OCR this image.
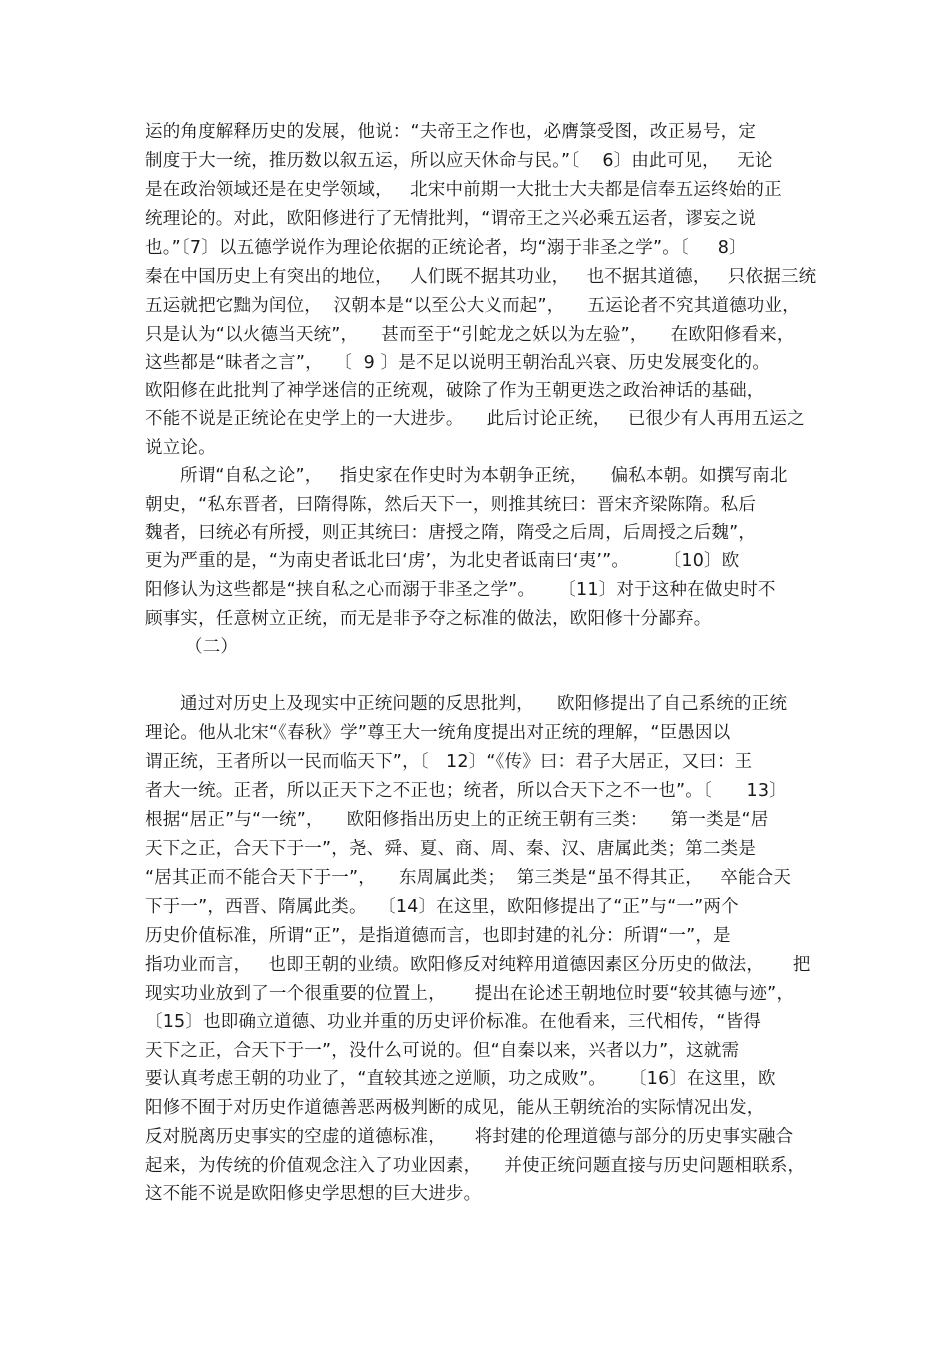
运的角度解释历史的发展，他说：“夫帝王之作也，必膺箓受图，改正易号，定
制度于大一统，推历数以叙五运，所以应天休命与民。”〔    6〕由此可见，   无论
是在政治领域还是在史学领域，   北宋中前期一大批士大夫都是信奉五运终始的正
统理论的。对此，欧阳修进行了无情批判，“谓帝王之兴必乘五运者，谬妄之说
也。”〔7〕以五德学说作为理论依据的正统论者，均“溺于非圣之学”。〔     8〕
秦在中国历史上有突出的地位，   人们既不据其功业，   也不据其道德，   只依据三统
五运就把它黜为闰位，  汉朝本是“以至公大义而起”，    五运论者不究其道德功业，
只是认为“以火德当天统”，    甚而至于“引蛇龙之妖以为左验”，    在欧阳修看来，
这些都是“昧者之言”，  〔  9 〕是不足以说明王朝治乱兴衰、历史发展变化的。
欧阳修在此批判了神学迷信的正统观，破除了作为王朝更迭之政治神话的基础，
不能不说是正统论在史学上的一大进步。    此后讨论正统，   已很少有人再用五运之
说立论。
所谓“自私之论”，   指史家在作史时为本朝争正统，    偏私本朝。如撰写南北
朝史，“私东晋者，曰隋得陈，然后天下一，则推其统曰：晋宋齐梁陈隋。私后
魏者，曰统必有所授，则正其统曰：唐授之隋，隋受之后周，后周授之后魏”，
更为严重的是，“为南史者诋北曰‘虏’，为北史者诋南曰‘夷’”。      〔10〕欧
阳修认为这些都是“挟自私之心而溺于非圣之学”。    〔11〕对于这种在做史时不
顾事实，任意树立正统，而无是非予夺之标准的做法，欧阳修十分鄙弃。
（二）
通过对历史上及现实中正统问题的反思批判，    欧阳修提出了自己系统的正统
理论。他从北宋“《春秋》学”尊王大一统角度提出对正统的理解，“臣愚因以
谓正统，王者所以一民而临天下”，〔   12〕“《传》曰：君子大居正，又曰：王
者大一统。正者，所以正天下之不正也；统者，所以合天下之不一也”。〔      13〕
根据“居正”与“一统”，    欧阳修指出历史上的正统王朝有三类：    第一类是“居
天下之正，合天下于一”，尧、舜、夏、商、周、秦、汉、唐属此类；第二类是
“居其正而不能合天下于一”，    东周属此类；  第三类是“虽不得其正，   卒能合天
下于一”，西晋、隋属此类。  〔14〕在这里，欧阳修提出了“正”与“一”两个
历史价值标准，所谓“正”，是指道德而言，也即封建的礼分：所谓“一”，是
指功业而言，   也即王朝的业绩。欧阳修反对纯粹用道德因素区分历史的做法，     把
现实功业放到了一个很重要的位置上，     提出在论述王朝地位时要“较其德与迹”，
〔15〕也即确立道德、功业并重的历史评价标准。在他看来，三代相传，“皆得
天下之正，合天下于一”，没什么可说的。但“自秦以来，兴者以力”，这就需
要认真考虑王朝的功业了，“直较其迹之逆顺，功之成败”。    〔16〕在这里，欧
阳修不囿于对历史作道德善恶两极判断的成见，能从王朝统治的实际情况出发，
反对脱离历史事实的空虚的道德标准，     将封建的伦理道德与部分的历史事实融合
起来，为传统的价值观念注入了功业因素，    并使正统问题直接与历史问题相联系，
这不能不说是欧阳修史学思想的巨大进步。
